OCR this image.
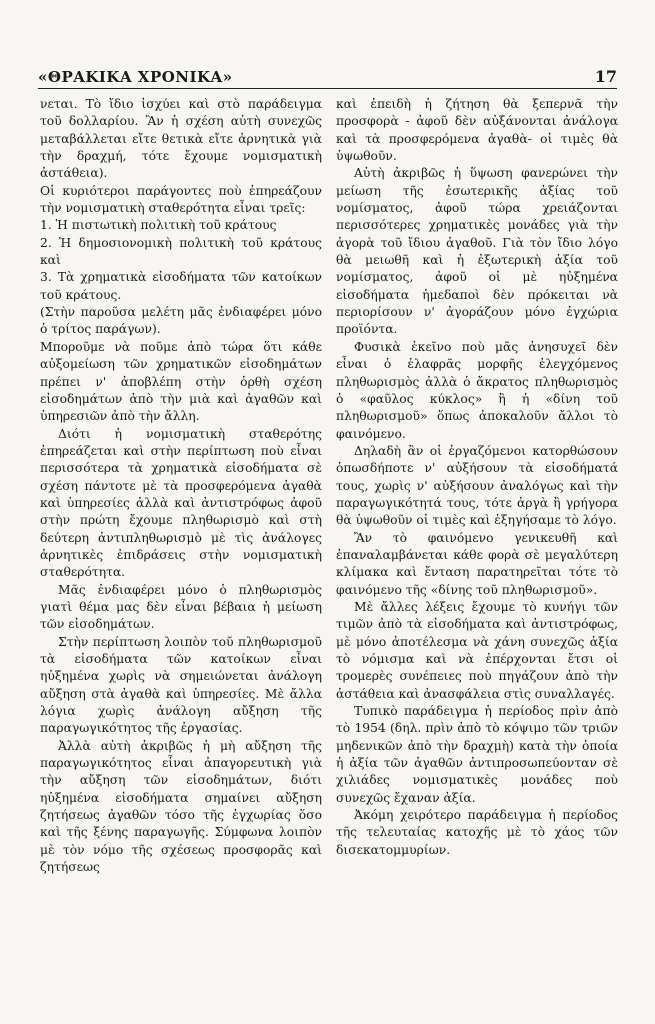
«ΘΡΑΚΙΚΑ ΧΡΟΝΙΚΑ»	17

νεται. Τὸ ἴδιο ἰσχύει καὶ στὸ παράδειγμα τοῦ δολλαρίου. Ἂν ἡ σχέση αὐτὴ συνεχῶς μεταβάλλεται εἴτε θετικὰ εἴτε ἀρνητικὰ γιὰ τὴν δραχμή, τότε ἔχουμε νομισματικὴ ἀστάθεια).

Οἱ κυριότεροι παράγοντες ποὺ ἐπηρεάζουν τὴν νομισματικὴ σταθερότητα εἶναι τρεῖς:

1. Ἡ πιστωτικὴ πολιτικὴ τοῦ κράτους

2. Ἡ δημοσιονομικὴ πολιτικὴ τοῦ κράτους καὶ

3. Τὰ χρηματικὰ εἰσοδήματα τῶν κατοίκων τοῦ κράτους.

(Στὴν παροῦσα μελέτη μᾶς ἐνδιαφέρει μόνο ὁ τρίτος παράγων).

Μποροῦμε νὰ ποῦμε ἀπὸ τώρα ὅτι κάθε αὐξομείωση τῶν χρηματικῶν εἰσοδημάτων πρέπει ν' ἀποβλέπη στὴν ὀρθὴ σχέση εἰσοδημάτων ἀπὸ τὴν μιὰ καὶ ἀγαθῶν καὶ ὑπηρεσιῶν ἀπὸ τὴν ἄλλη.

Διότι ἡ νομισματικὴ σταθερότης ἐπηρεάζεται καὶ στὴν περίπτωση ποὺ εἶναι περισσότερα τὰ χρηματικὰ εἰσοδήματα σὲ σχέση πάντοτε μὲ τὰ προσφερόμενα ἀγαθὰ καὶ ὑπηρεσίες ἀλλὰ καὶ ἀντιστρόφως ἀφοῦ στὴν πρώτη ἔχουμε πληθωρισμὸ καὶ στὴ δεύτερη ἀντιπληθωρισμὸ μὲ τὶς ἀνάλογες ἀρνητικὲς ἐπιδράσεις στὴν νομισματικὴ σταθερότητα.

Μᾶς ἐνδιαφέρει μόνο ὁ πληθωρισμὸς γιατὶ θέμα μας δὲν εἶναι βέβαια ἡ μείωση τῶν εἰσοδημάτων.

Στὴν περίπτωση λοιπὸν τοῦ πληθωρισμοῦ τὰ εἰσοδήματα τῶν κατοίκων εἶναι ηὐξημένα χωρὶς νὰ σημειώνεται ἀνάλογη αὔξηση στὰ ἀγαθὰ καὶ ὑπηρεσίες. Μὲ ἄλλα λόγια χωρὶς ἀνάλογη αὔξηση τῆς παραγωγικότητος τῆς ἐργασίας.

Ἀλλὰ αὐτὴ ἀκριβῶς ἡ μὴ αὔξηση τῆς παραγωγικότητος εἶναι ἀπαγορευτικὴ γιὰ τὴν αὔξηση τῶν εἰσοδημάτων, διότι ηὐξημένα εἰσοδήματα σημαίνει αὔξηση ζητήσεως ἀγαθῶν τόσο τῆς ἐγχωρίας ὅσο καὶ τῆς ξένης παραγωγῆς. Σύμφωνα λοιπὸν μὲ τὸν νόμο τῆς σχέσεως προσφορᾶς καὶ ζητήσεως

καὶ ἐπειδὴ ἡ ζήτηση θὰ ξεπερνᾶ τὴν προσφορὰ - ἀφοῦ δὲν αὐξάνονται ἀνάλογα καὶ τὰ προσφερόμενα ἀγαθὰ- οἱ τιμὲς θὰ ὑψωθοῦν.

Αὐτὴ ἀκριβῶς ἡ ὕψωση φανερώνει τὴν μείωση τῆς ἐσωτερικῆς ἀξίας τοῦ νομίσματος, ἀφοῦ τώρα χρειάζονται περισσότερες χρηματικὲς μονάδες γιὰ τὴν ἀγορὰ τοῦ ἴδιου ἀγαθοῦ. Γιὰ τὸν ἴδιο λόγο θὰ μειωθῆ καὶ ἡ ἐξωτερικὴ ἀξία τοῦ νομίσματος, ἀφοῦ οἱ μὲ ηὐξημένα εἰσοδήματα ἡμεδαποὶ δὲν πρόκειται νὰ περιορίσουν ν' ἀγοράζουν μόνο ἐγχώρια προϊόντα.

Φυσικὰ ἐκεῖνο ποὺ μᾶς ἀνησυχεῖ δὲν εἶναι ὁ ἐλαφρᾶς μορφῆς ἐλεγχόμενος πληθωρισμὸς ἀλλὰ ὁ ἄκρατος πληθωρισμὸς ὁ «φαῦλος κύκλος» ἢ ἡ «δίνη τοῦ πληθωρισμοῦ» ὅπως ἀποκαλοῦν ἄλλοι τὸ φαινόμενο.

Δηλαδὴ ἂν οἱ ἐργαζόμενοι κατορθώσουν ὁπωσδήποτε ν' αὐξήσουν τὰ εἰσοδήματά τους, χωρὶς ν' αὐξήσουν ἀναλόγως καὶ τὴν παραγωγικότητά τους, τότε ἀργὰ ἢ γρήγορα θὰ ὑψωθοῦν οἱ τιμὲς καὶ ἐξηγήσαμε τὸ λόγο.

Ἂν τὸ φαινόμενο γενικευθῆ καὶ ἐπαναλαμβάνεται κάθε φορὰ σὲ μεγαλύτερη κλίμακα καὶ ἔνταση παρατηρεῖται τότε τὸ φαινόμενο τῆς «δίνης τοῦ πληθωρισμοῦ».

Μὲ ἄλλες λέξεις ἔχουμε τὸ κυνήγι τῶν τιμῶν ἀπὸ τὰ εἰσοδήματα καὶ ἀντιστρόφως, μὲ μόνο ἀποτέλεσμα νὰ χάνη συνεχῶς ἀξία τὸ νόμισμα καὶ νὰ ἐπέρχονται ἔτσι οἱ τρομερὲς συνέπειες ποὺ πηγάζουν ἀπὸ τὴν ἀστάθεια καὶ ἀνασφάλεια στὶς συναλλαγές.

Τυπικὸ παράδειγμα ἡ περίοδος πρὶν ἀπὸ τὸ 1954 (δηλ. πρὶν ἀπὸ τὸ κόψιμο τῶν τριῶν μηδενικῶν ἀπὸ τὴν δραχμὴ) κατὰ τὴν ὁποία ἡ ἀξία τῶν ἀγαθῶν ἀντιπροσωπεύονταν σὲ χιλιάδες νομισματικὲς μονάδες ποὺ συνεχῶς ἔχαναν ἀξία.

Ἀκόμη χειρότερο παράδειγμα ἡ περίοδος τῆς τελευταίας κατοχῆς μὲ τὸ χάος τῶν δισεκατομμυρίων.
